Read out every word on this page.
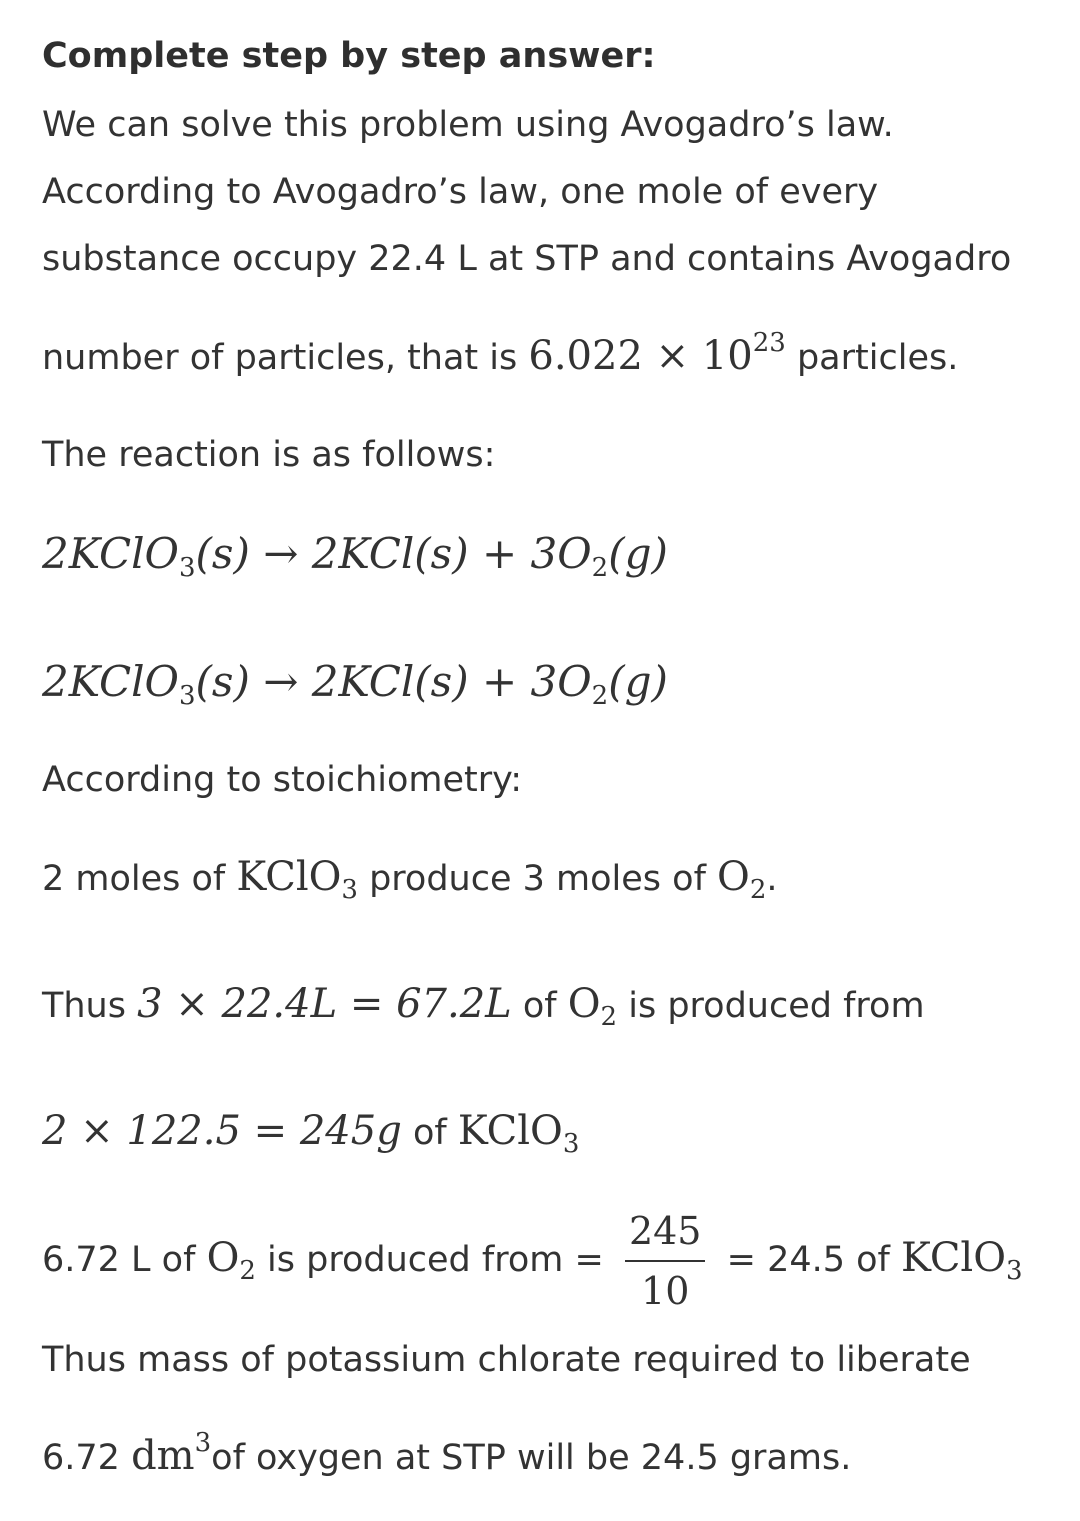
Complete step by step answer:
We can solve this problem using Avogadro’s law.
According to Avogadro’s law, one mole of every
substance occupy 22.4 L at STP and contains Avogadro
number of particles, that is $6.022 \times 10^{23}$ particles.
The reaction is as follows:
2KClO$_3$(s) → $2KCl(s) + 3O_2(g)$
2KClO$_3$(s) → $2KCl(s) + 3O_2(g)$
According to stoichiometry:
2 moles of KClO$_3$ produce 3 moles of $O_2$.
Thus 3 × 22.4L = 67.2L of $O_2$ is produced from
2 × 122.5 = 245g of KClO$_3$
6.72 L of $O_2$ is produced from = $\frac{245}{10} = 24.5$ of KClO$_3$
Thus mass of potassium chlorate required to liberate
6.72 $dm^3of$ oxygen at STP will be 24.5 grams.
